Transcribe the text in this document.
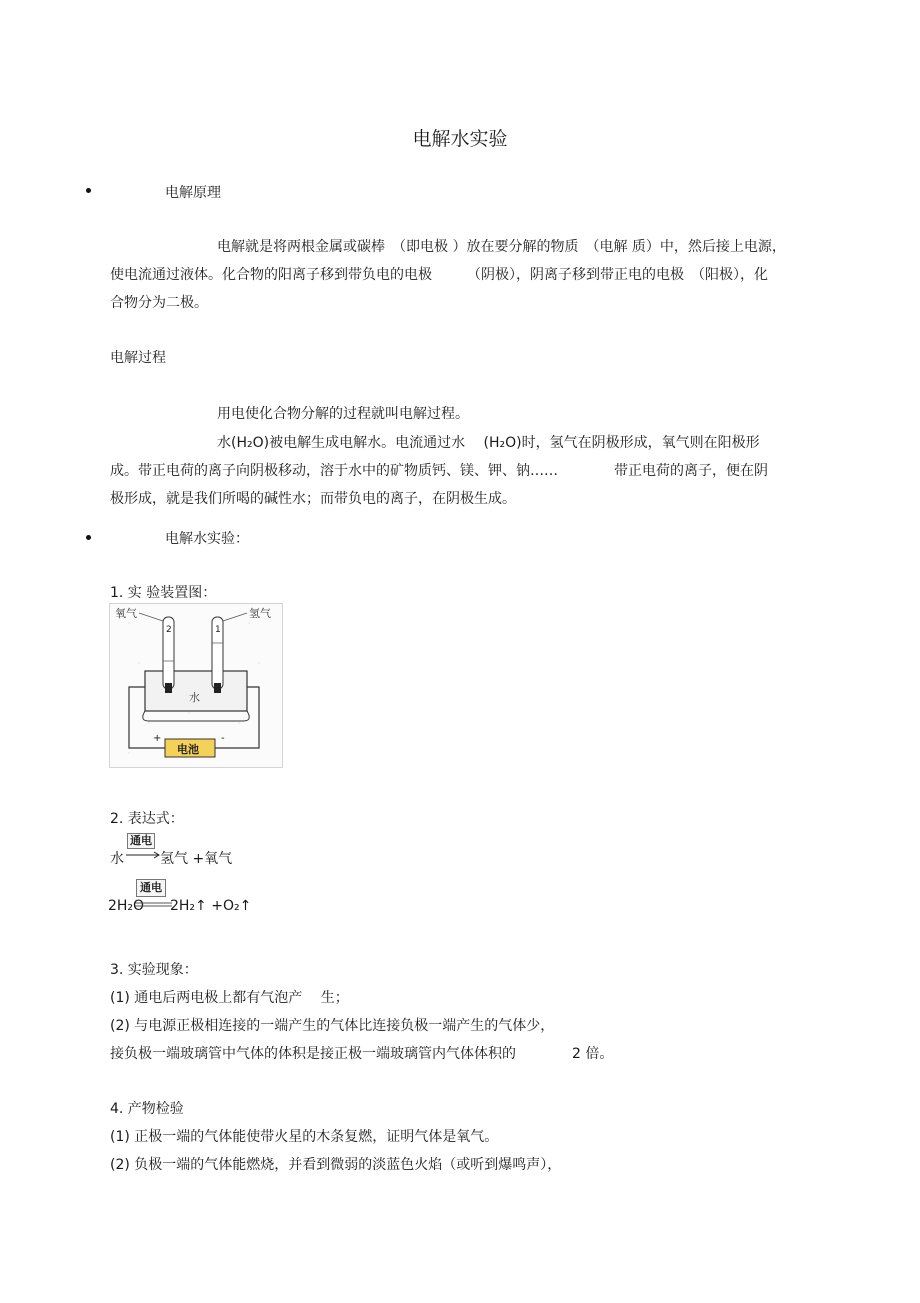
电解水实验
电解原理
电解就是将两根金属或碳棒　（即电极 ）放在要分解的物质　（电解 质）中，然后接上电源，
使电流通过液体。化合物的阳离子移到带负电的电极　　　（阴极），阴离子移到带正电的电极　（阳极），化
合物分为二极。
电解过程
用电使化合物分解的过程就叫电解过程。
水(H₂O)被电解生成电解水。电流通过水　 (H₂O)时，氢气在阴极形成，氧气则在阳极形
成。带正电荷的离子向阴极移动，溶于水中的矿物质钙、镁、钾、钠……　　　　带正电荷的离子，便在阴
极形成，就是我们所喝的碱性水；而带负电的离子，在阴极生成。
电解水实验：
1. 实 验装置图：
氧气	氢气
2	1
水
电池
+	-
2. 表达式：
水
通电
氢气 +氧气
2H₂O
通电
2H₂↑ +O₂↑
3. 实验现象：
(1) 通电后两电极上都有气泡产　 生；
(2) 与电源正极相连接的一端产生的气体比连接负极一端产生的气体少，
接负极一端玻璃管中气体的体积是接正极一端玻璃管内气体体积的　　　　2 倍。
4. 产物检验
(1) 正极一端的气体能使带火星的木条复燃，证明气体是氧气。
(2) 负极一端的气体能燃烧，并看到微弱的淡蓝色火焰（或听到爆鸣声），
